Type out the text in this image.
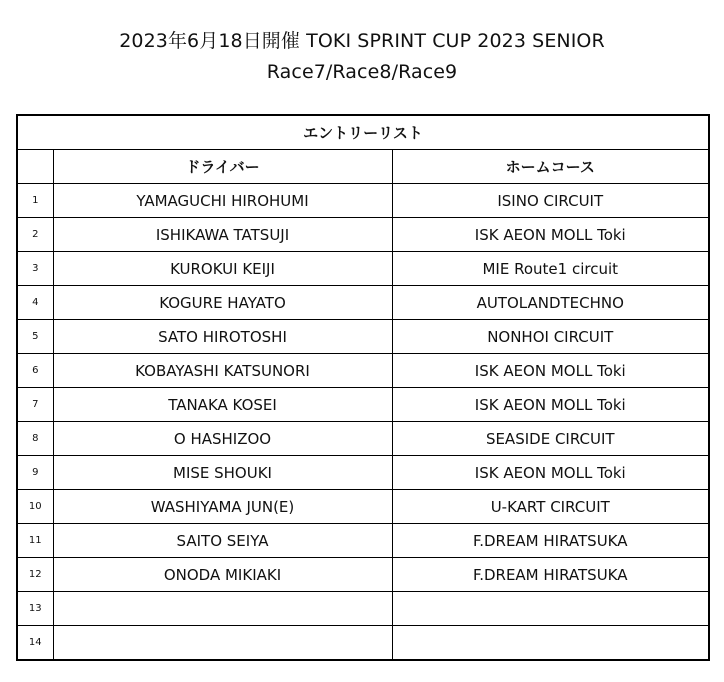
2023年6月18日開催 TOKI SPRINT CUP 2023 SENIOR
Race7/Race8/Race9
エントリーリスト		
	ドライバー	ホームコース
1	YAMAGUCHI HIROHUMI	ISINO CIRCUIT
2	ISHIKAWA TATSUJI	ISK AEON MOLL Toki
3	KUROKUI KEIJI	MIE Route1 circuit
4	KOGURE HAYATO	AUTOLANDTECHNO
5	SATO HIROTOSHI	NONHOI CIRCUIT
6	KOBAYASHI KATSUNORI	ISK AEON MOLL Toki
7	TANAKA KOSEI	ISK AEON MOLL Toki
8	O HASHIZOO	SEASIDE CIRCUIT
9	MISE SHOUKI	ISK AEON MOLL Toki
10	WASHIYAMA JUN(E)	U-KART CIRCUIT
11	SAITO SEIYA	F.DREAM HIRATSUKA
12	ONODA MIKIAKI	F.DREAM HIRATSUKA
13		
14		
